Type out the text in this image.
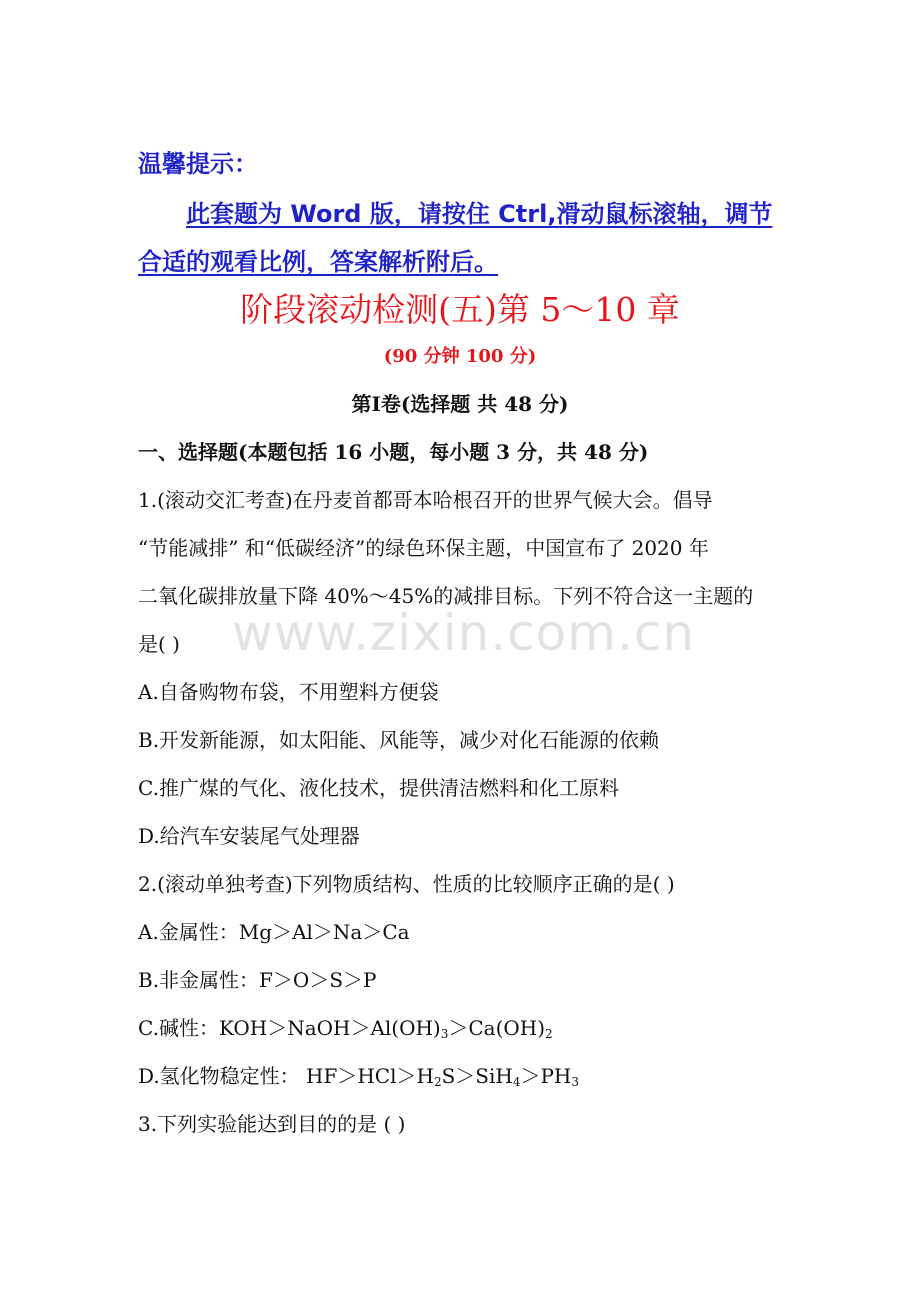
温馨提示：
此套题为 Word 版，请按住 Ctrl,滑动鼠标滚轴，调节
合适的观看比例，答案解析附后。
阶段滚动检测(五)第 5～10 章
(90 分钟 100 分)
第Ⅰ卷(选择题 共 48 分)
一、选择题(本题包括 16 小题，每小题 3 分，共 48 分)
1.(滚动交汇考查)在丹麦首都哥本哈根召开的世界气候大会。倡导
“节能减排” 和“低碳经济”的绿色环保主题，中国宣布了 2020 年
二氧化碳排放量下降 40%～45%的减排目标。下列不符合这一主题的
是( )
A.自备购物布袋，不用塑料方便袋
B.开发新能源，如太阳能、风能等，减少对化石能源的依赖
C.推广煤的气化、液化技术，提供清洁燃料和化工原料
D.给汽车安装尾气处理器
2.(滚动单独考查)下列物质结构、性质的比较顺序正确的是( )
A.金属性：Mg＞Al＞Na＞Ca
B.非金属性：F＞O＞S＞P
C.碱性：$KOH>NaOH>Al(OH)_3>Ca(OH)_2$
D.氢化物稳定性： $HF>HCl>H_2S>SiH_4>PH_3$
3.下列实验能达到目的的是 ( )
www.zixin.com.cn
